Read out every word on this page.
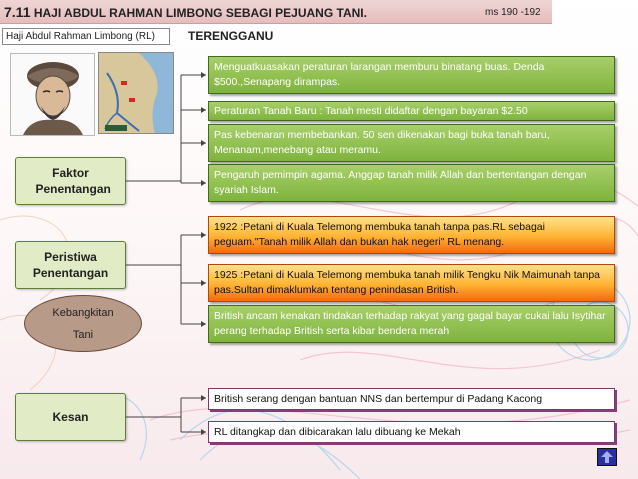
7.11 HAJI ABDUL RAHMAN LIMBONG SEBAGI PEJUANG TANI.	ms 190 -192
Haji Abdul Rahman Limbong (RL)	TERENGGANU
Faktor Penentangan
Peristiwa Penentangan
Kebangkitan
Tani
Kesan
Menguatkuasakan peraturan larangan memburu binatang buas. Denda $500.,Senapang dirampas.
Peraturan Tanah Baru : Tanah mesti didaftar dengan bayaran $2.50
Pas kebenaran membebankan. 50 sen dikenakan bagi buka tanah baru, Menanam,menebang atau meramu.
Pengaruh pemimpin agama. Anggap tanah milik Allah dan bertentangan dengan syariah Islam.
1922 :Petani di Kuala Telemong membuka tanah tanpa pas.RL sebagai peguam."Tanah milik Allah dan bukan hak negeri" RL menang.
1925 :Petani di Kuala Telemong membuka tanah milik Tengku Nik Maimunah tanpa pas.Sultan dimaklumkan tentang penindasan British.
British ancam kenakan tindakan terhadap rakyat yang gagal bayar cukai lalu Isytihar perang terhadap British serta kibar bendera merah
British serang dengan bantuan NNS dan bertempur di Padang Kacong
RL ditangkap dan dibicarakan lalu dibuang ke Mekah
